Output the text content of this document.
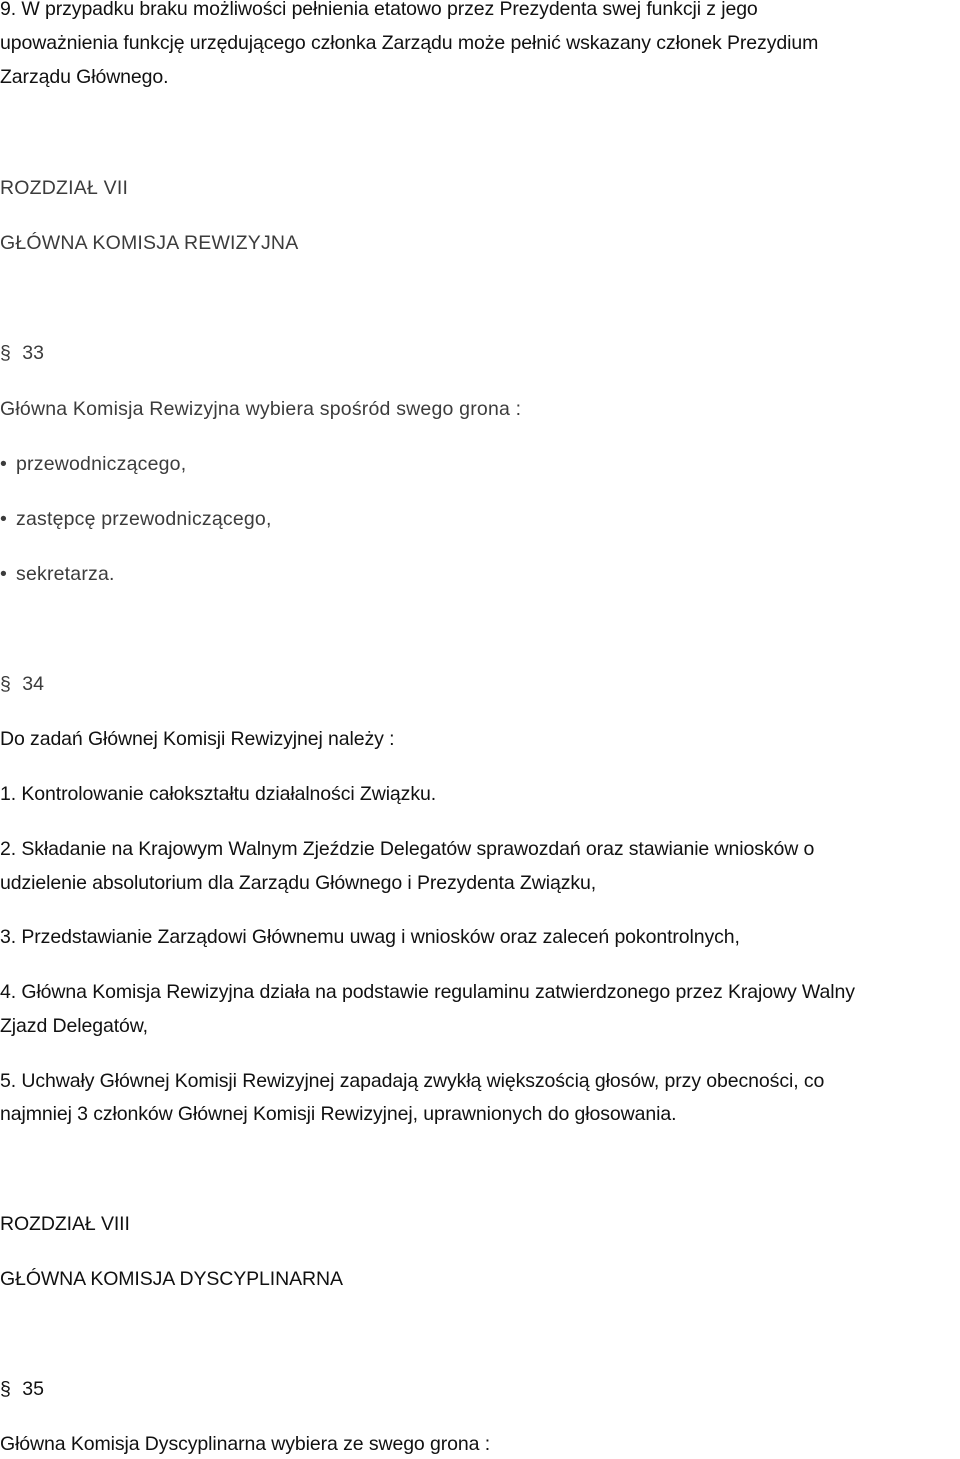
9. W przypadku braku możliwości pełnienia etatowo przez Prezydenta swej funkcji z jego
upoważnienia funkcję urzędującego członka Zarządu może pełnić wskazany członek Prezydium
Zarządu Głównego.
ROZDZIAŁ VII
GŁÓWNA KOMISJA REWIZYJNA
§ 33
Główna Komisja Rewizyjna wybiera spośród swego grona :
• przewodniczącego,
• zastępcę przewodniczącego,
• sekretarza.
§ 34
Do zadań Głównej Komisji Rewizyjnej należy :
1. Kontrolowanie całokształtu działalności Związku.
2. Składanie na Krajowym Walnym Zjeździe Delegatów sprawozdań oraz stawianie wniosków o
udzielenie absolutorium dla Zarządu Głównego i Prezydenta Związku,
3. Przedstawianie Zarządowi Głównemu uwag i wniosków oraz zaleceń pokontrolnych,
4. Główna Komisja Rewizyjna działa na podstawie regulaminu zatwierdzonego przez Krajowy Walny
Zjazd Delegatów,
5. Uchwały Głównej Komisji Rewizyjnej zapadają zwykłą większością głosów, przy obecności, co
najmniej 3 członków Głównej Komisji Rewizyjnej, uprawnionych do głosowania.
ROZDZIAŁ VIII
GŁÓWNA KOMISJA DYSCYPLINARNA
§ 35
Główna Komisja Dyscyplinarna wybiera ze swego grona :
